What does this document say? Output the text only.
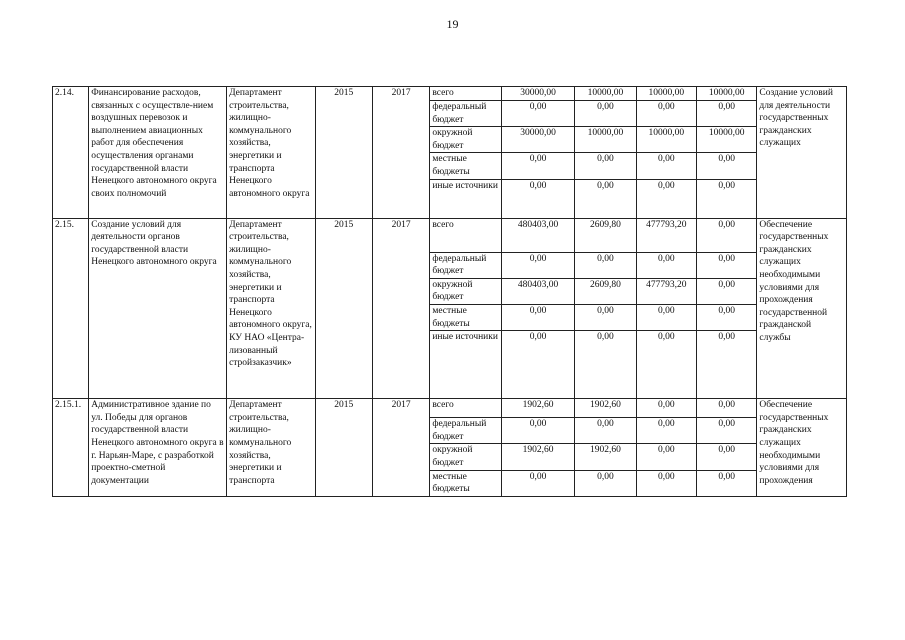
19
2.14.	Финансирование расходов, связанных с осуществле-нием воздушных перевозок и выполнением авиационных работ для обеспечения осуществления органами государственной власти Ненецкого автономного округа своих полномочий	Департамент строительства, жилищно-коммунального хозяйства, энергетики и транспорта Ненецкого автономного округа	2015	2017	всего	30000,00	10000,00	10000,00	10000,00	Создание условий для деятельности государственных гражданских служащих
					федеральный бюджет	0,00	0,00	0,00	0,00	
					окружной бюджет	30000,00	10000,00	10000,00	10000,00	
					местные бюджеты	0,00	0,00	0,00	0,00	
					иные источники	0,00	0,00	0,00	0,00	
2.15.	Создание условий для деятельности органов государственной власти Ненецкого автономного округа	Департамент строительства, жилищно-коммунального хозяйства, энергетики и транспорта Ненецкого автономного округа, КУ НАО «Центра-лизованный стройзаказчик»	2015	2017	всего	480403,00	2609,80	477793,20	0,00	Обеспечение государственных гражданских служащих необходимыми условиями для прохождения государственной гражданской службы
					федеральный бюджет	0,00	0,00	0,00	0,00	
					окружной бюджет	480403,00	2609,80	477793,20	0,00	
					местные бюджеты	0,00	0,00	0,00	0,00	
					иные источники	0,00	0,00	0,00	0,00	
2.15.1.	Административное здание по ул. Победы для органов государственной власти Ненецкого автономного округа в г. Нарьян-Маре, с разработкой проектно-сметной документации	Департамент строительства, жилищно-коммунального хозяйства, энергетики и транспорта	2015	2017	всего	1902,60	1902,60	0,00	0,00	Обеспечение государственных гражданских служащих необходимыми условиями для прохождения
					федеральный бюджет	0,00	0,00	0,00	0,00	
					окружной бюджет	1902,60	1902,60	0,00	0,00	
					местные бюджеты	0,00	0,00	0,00	0,00	
